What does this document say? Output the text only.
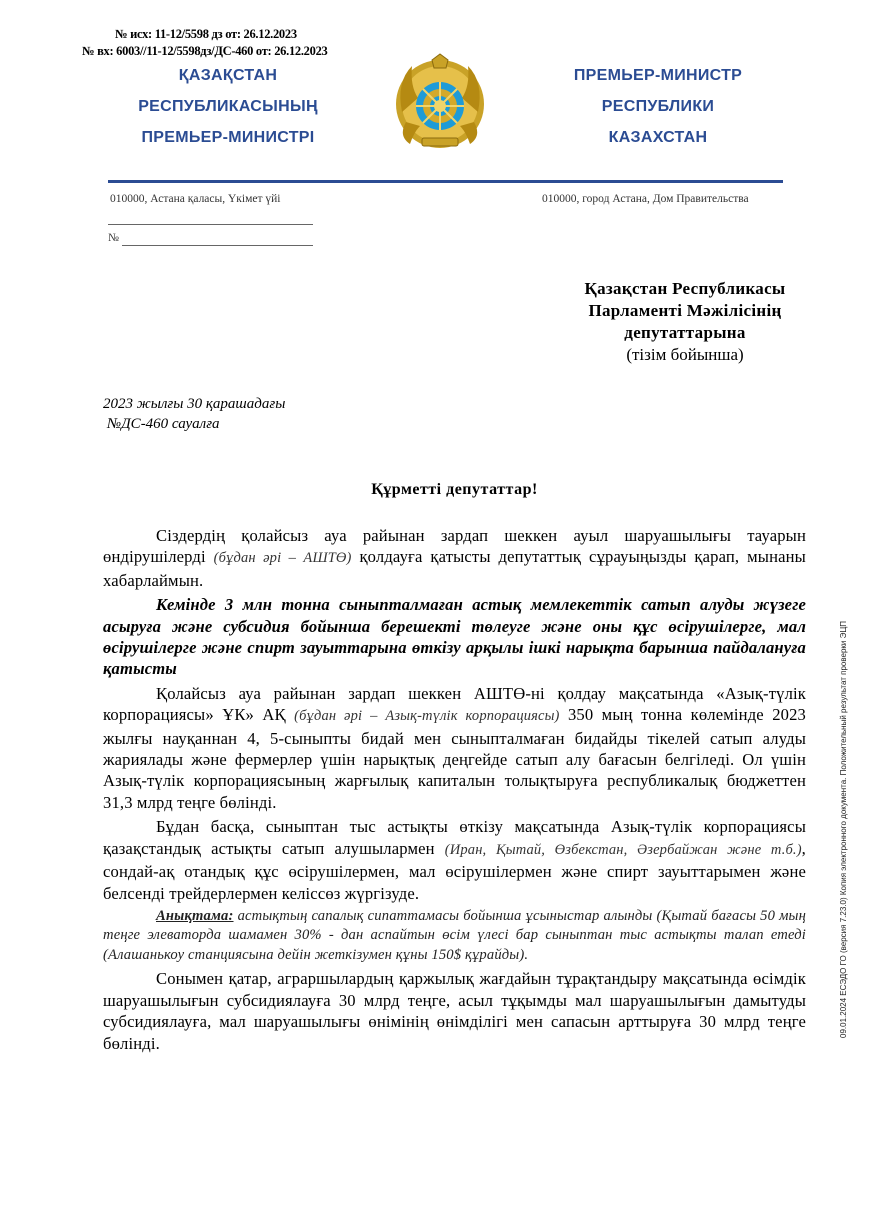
№ исх: 11-12/5598 дз от: 26.12.2023
№ вх: 6003//11-12/5598дз/ДС-460 от: 26.12.2023
ҚАЗАҚСТАН
РЕСПУБЛИКАСЫНЫҢ
ПРЕМЬЕР-МИНИСТРІ
ПРЕМЬЕР-МИНИСТР
РЕСПУБЛИКИ
КАЗАХСТАН
010000, Астана қаласы, Үкімет үйі	010000, город Астана, Дом Правительства
№
Қазақстан Республикасы
Парламенті Мәжілісінің
депутаттарына
(тізім бойынша)
2023 жылғы 30 қарашадағы
№ДС-460 сауалға
Құрметті депутаттар!

Сіздердің қолайсыз ауа райынан зардап шеккен ауыл шаруашылығы тауарын өндірушілерді (бұдан әрі – АШТӨ) қолдауға қатысты депутаттық сұрауыңызды қарап, мынаны хабарлаймын.

Кемінде 3 млн тонна сыныпталмаған астық мемлекеттік сатып алуды жүзеге асыруға және субсидия бойынша берешекті төлеуге және оны құс өсірушілерге, мал өсірушілерге және спирт зауыттарына өткізу арқылы ішкі нарықта барынша пайдалануға қатысты

Қолайсыз ауа райынан зардап шеккен АШТӨ-ні қолдау мақсатында «Азық-түлік корпорациясы» ҰК» АҚ (бұдан әрі – Азық-түлік корпорациясы) 350 мың тонна көлемінде 2023 жылғы науқаннан 4, 5-сыныпты бидай мен сыныпталмаған бидайды тікелей сатып алуды жариялады және фермерлер үшін нарықтық деңгейде сатып алу бағасын белгіледі. Ол үшін Азық-түлік корпорациясының жарғылық капиталын толықтыруға республикалық бюджеттен 31,3 млрд теңге бөлінді.

Бұдан басқа, сыныптан тыс астықты өткізу мақсатында Азық-түлік корпорациясы қазақстандық астықты сатып алушылармен (Иран, Қытай, Өзбекстан, Әзербайжан және т.б.), сондай-ақ отандық құс өсірушілермен, мал өсірушілермен және спирт зауыттарымен және белсенді трейдерлермен келіссөз жүргізуде.

Анықтама: астықтың сапалық сипаттамасы бойынша ұсыныстар алынды (Қытай бағасы 50 мың теңге элеваторда шамамен 30% - дан аспайтын өсім үлесі бар сыныптан тыс астықты талап етеді (Алашанькоу станциясына дейін жеткізумен құны 150$ құрайды).

Сонымен қатар, аграршылардың қаржылық жағдайын тұрақтандыру мақсатында өсімдік шаруашылығын субсидиялауға 30 млрд теңге, асыл тұқымды мал шаруашылығын дамытуды субсидиялауға, мал шаруашылығы өнімінің өнімділігі мен сапасын арттыруға 30 млрд теңге бөлінді.

09.01.2024 ЕСЭДО ГО (версия 7.23.0) Копия электронного документа. Положительный результат проверки ЭЦП
